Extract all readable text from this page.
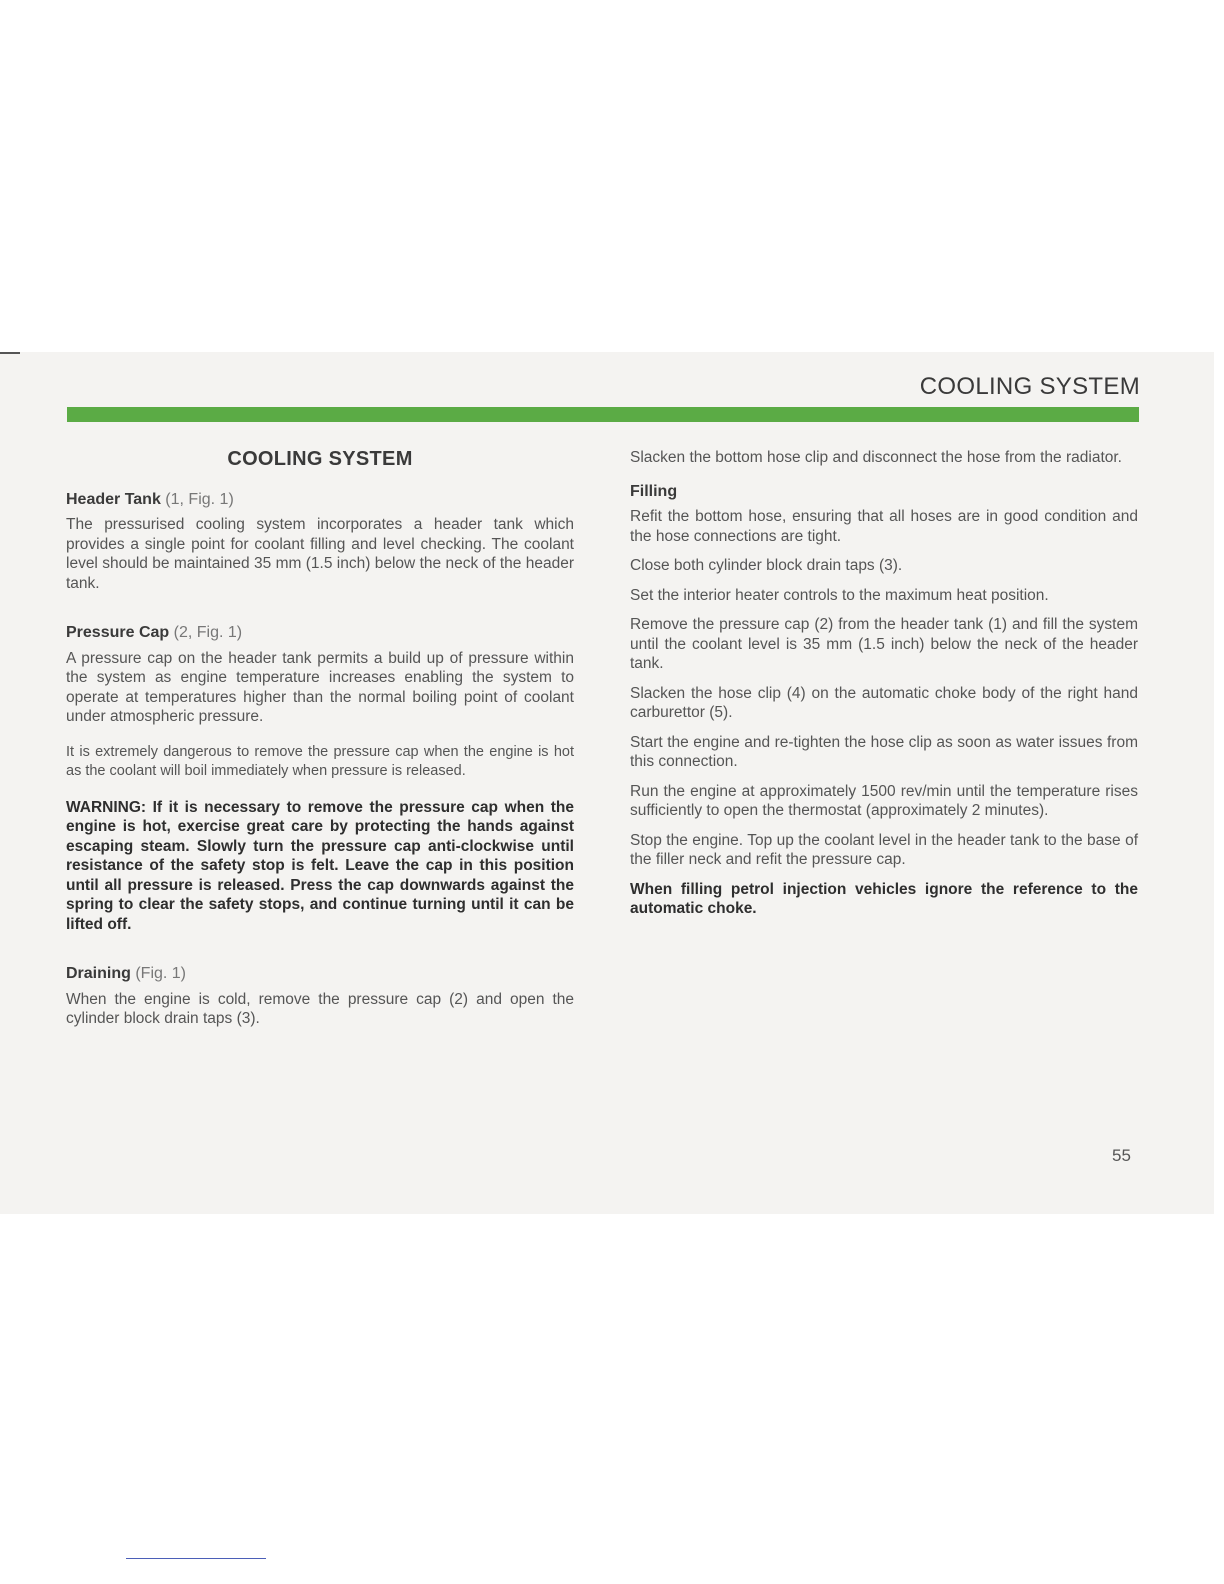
COOLING SYSTEM
COOLING SYSTEM
Header Tank (1, Fig. 1)

The pressurised cooling system incorporates a header tank which provides a single point for coolant filling and level checking. The coolant level should be maintained 35 mm (1.5 inch) below the neck of the header tank.

Pressure Cap (2, Fig. 1)

A pressure cap on the header tank permits a build up of pressure within the system as engine temperature increases enabling the system to operate at temperatures higher than the normal boiling point of coolant under atmospheric pressure.

It is extremely dangerous to remove the pressure cap when the engine is hot as the coolant will boil immediately when pressure is released.

WARNING: If it is necessary to remove the pressure cap when the engine is hot, exercise great care by protecting the hands against escaping steam. Slowly turn the pressure cap anti-clockwise until resistance of the safety stop is felt. Leave the cap in this position until all pressure is released. Press the cap downwards against the spring to clear the safety stops, and continue turning until it can be lifted off.

Draining (Fig. 1)

When the engine is cold, remove the pressure cap (2) and open the cylinder block drain taps (3).

Slacken the bottom hose clip and disconnect the hose from the radiator.

Filling

Refit the bottom hose, ensuring that all hoses are in good condition and the hose connections are tight.

Close both cylinder block drain taps (3).

Set the interior heater controls to the maximum heat position.

Remove the pressure cap (2) from the header tank (1) and fill the system until the coolant level is 35 mm (1.5 inch) below the neck of the header tank.

Slacken the hose clip (4) on the automatic choke body of the right hand carburettor (5).

Start the engine and re-tighten the hose clip as soon as water issues from this connection.

Run the engine at approximately 1500 rev/min until the temperature rises sufficiently to open the thermostat (approximately 2 minutes).

Stop the engine. Top up the coolant level in the header tank to the base of the filler neck and refit the pressure cap.

When filling petrol injection vehicles ignore the reference to the automatic choke.

55
